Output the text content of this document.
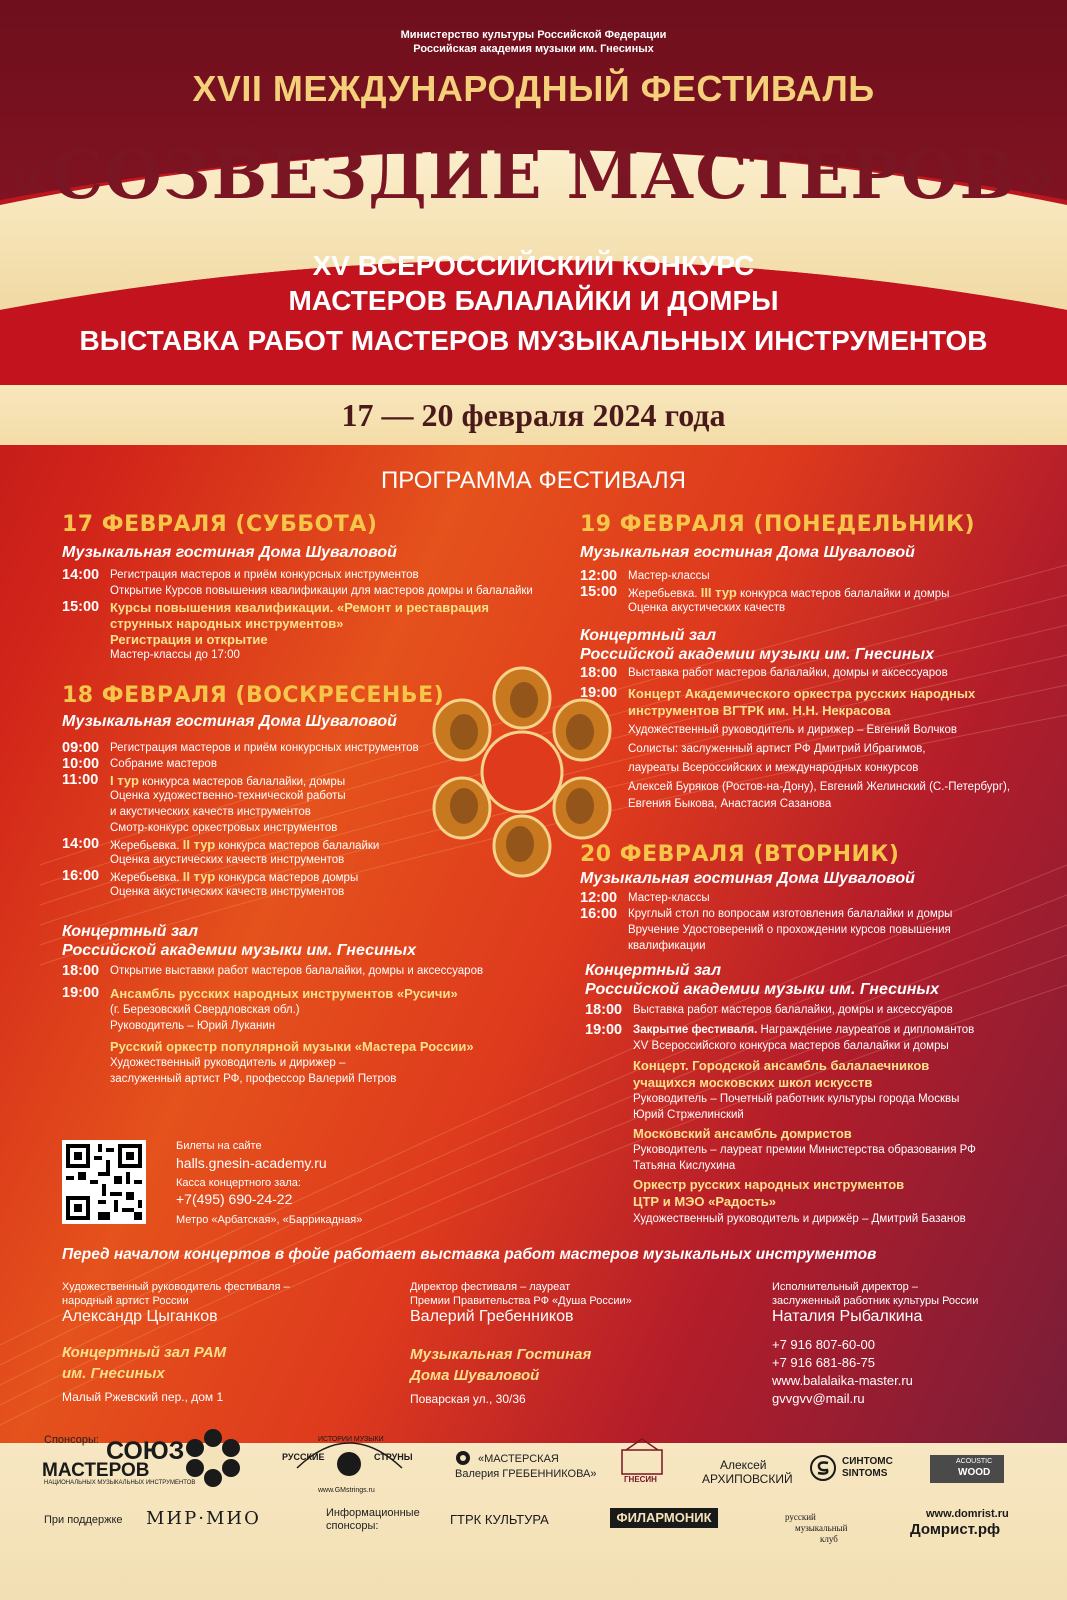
Министерство культуры Российской Федерации
Российская академия музыки им. Гнесиных
XVII МЕЖДУНАРОДНЫЙ ФЕСТИВАЛЬ
«СОЗВЕЗДИЕ МАСТЕРОВ»
XV ВСЕРОССИЙСКИЙ КОНКУРС
МАСТЕРОВ БАЛАЛАЙКИ И ДОМРЫ
ВЫСТАВКА РАБОТ МАСТЕРОВ МУЗЫКАЛЬНЫХ ИНСТРУМЕНТОВ
17 — 20 февраля 2024 года
ПРОГРАММА ФЕСТИВАЛЯ
17 ФЕВРАЛЯ (СУББОТА)
Музыкальная гостиная Дома Шуваловой
14:00 Регистрация мастеров и приём конкурсных инструментов
Открытие Курсов повышения квалификации для мастеров домры и балалайки
15:00 Курсы повышения квалификации. «Ремонт и реставрация
струнных народных инструментов»
Регистрация и открытие
Мастер-классы до 17:00
18 ФЕВРАЛЯ (ВОСКРЕСЕНЬЕ)
Музыкальная гостиная Дома Шуваловой
09:00 Регистрация мастеров и приём конкурсных инструментов
10:00 Собрание мастеров
11:00 I тур конкурса мастеров балалайки, домры
Оценка художественно-технической работы
и акустических качеств инструментов
Смотр-конкурс оркестровых инструментов
14:00 Жеребьевка. II тур конкурса мастеров балалайки
Оценка акустических качеств инструментов
16:00 Жеребьевка. II тур конкурса мастеров домры
Оценка акустических качеств инструментов
Концертный зал
Российской академии музыки им. Гнесиных
18:00 Открытие выставки работ мастеров балалайки, домры и аксессуаров
19:00 Ансамбль русских народных инструментов «Русичи»
(г. Березовский Свердловская обл.)
Руководитель – Юрий Луканин
Русский оркестр популярной музыки «Мастера России»
Художественный руководитель и дирижер –
заслуженный артист РФ, профессор Валерий Петров
19 ФЕВРАЛЯ (ПОНЕДЕЛЬНИК)
Музыкальная гостиная Дома Шуваловой
12:00 Мастер-классы
15:00 Жеребьевка. III тур конкурса мастеров балалайки и домры
Оценка акустических качеств
Концертный зал
Российской академии музыки им. Гнесиных
18:00 Выставка работ мастеров балалайки, домры и аксессуаров
19:00 Концерт Академического оркестра русских народных
инструментов ВГТРК им. Н.Н. Некрасова
Художественный руководитель и дирижер – Евгений Волчков
Солисты: заслуженный артист РФ Дмитрий Ибрагимов,
лауреаты Всероссийских и международных конкурсов
Алексей Буряков (Ростов-на-Дону), Евгений Желинский (С.-Петербург),
Евгения Быкова, Анастасия Сазанова
20 ФЕВРАЛЯ (ВТОРНИК)
Музыкальная гостиная Дома Шуваловой
12:00 Мастер-классы
16:00 Круглый стол по вопросам изготовления балалайки и домры
Вручение Удостоверений о прохождении курсов повышения
квалификации
Концертный зал
Российской академии музыки им. Гнесиных
18:00 Выставка работ мастеров балалайки, домры и аксессуаров
19:00 Закрытие фестиваля. Награждение лауреатов и дипломантов
XV Всероссийского конкурса мастеров балалайки и домры
Концерт. Городской ансамбль балалаечников
учащихся московских школ искусств
Руководитель – Почетный работник культуры города Москвы
Юрий Стржелинский
Московский ансамбль домристов
Руководитель – лауреат премии Министерства образования РФ
Татьяна Кислухина
Оркестр русских народных инструментов
ЦТР и МЭО «Радость»
Художественный руководитель и дирижёр – Дмитрий Базанов
Билеты на сайте
halls.gnesin-academy.ru
Касса концертного зала:
+7(495) 690-24-22
Метро «Арбатская», «Баррикадная»
Перед началом концертов в фойе работает выставка работ мастеров музыкальных инструментов
Художественный руководитель фестиваля –
народный артист России
Александр Цыганков
Директор фестиваля – лауреат
Премии Правительства РФ «Душа России»
Валерий Гребенников
Исполнительный директор –
заслуженный работник культуры России
Наталия Рыбалкина
Концертный зал РАМ
им. Гнесиных
Малый Ржевский пер., дом 1
Музыкальная Гостиная
Дома Шуваловой
Поварская ул., 30/36
+7 916 807-60-00
+7 916 681-86-75
www.balalaika-master.ru
gvvgvv@mail.ru
Спонсоры: СОЮЗ
МАСТЕРОВ
НАЦИОНАЛЬНЫХ МУЗЫКАЛЬНЫХ ИНСТРУМЕНТОВ
При поддержке МИР·МИО
РУССКИЕ
ИСТОРИИ МУЗЫКИ
СТРУНЫ
www.GMstrings.ru
Информационные
спонсоры:
«МАСТЕРСКАЯ
Валерия ГРЕБЕННИКОВА»
ГТРК КУЛЬТУРА
ГНЕСИН
ФИЛАРМОНИК
Алексей
АРХИПОВСКИЙ
русский
музыкальный
клуб
СИНТОМС
SINTOMS
ACOUSTIC
WOOD
www.domrist.ru
Домрист.рф
